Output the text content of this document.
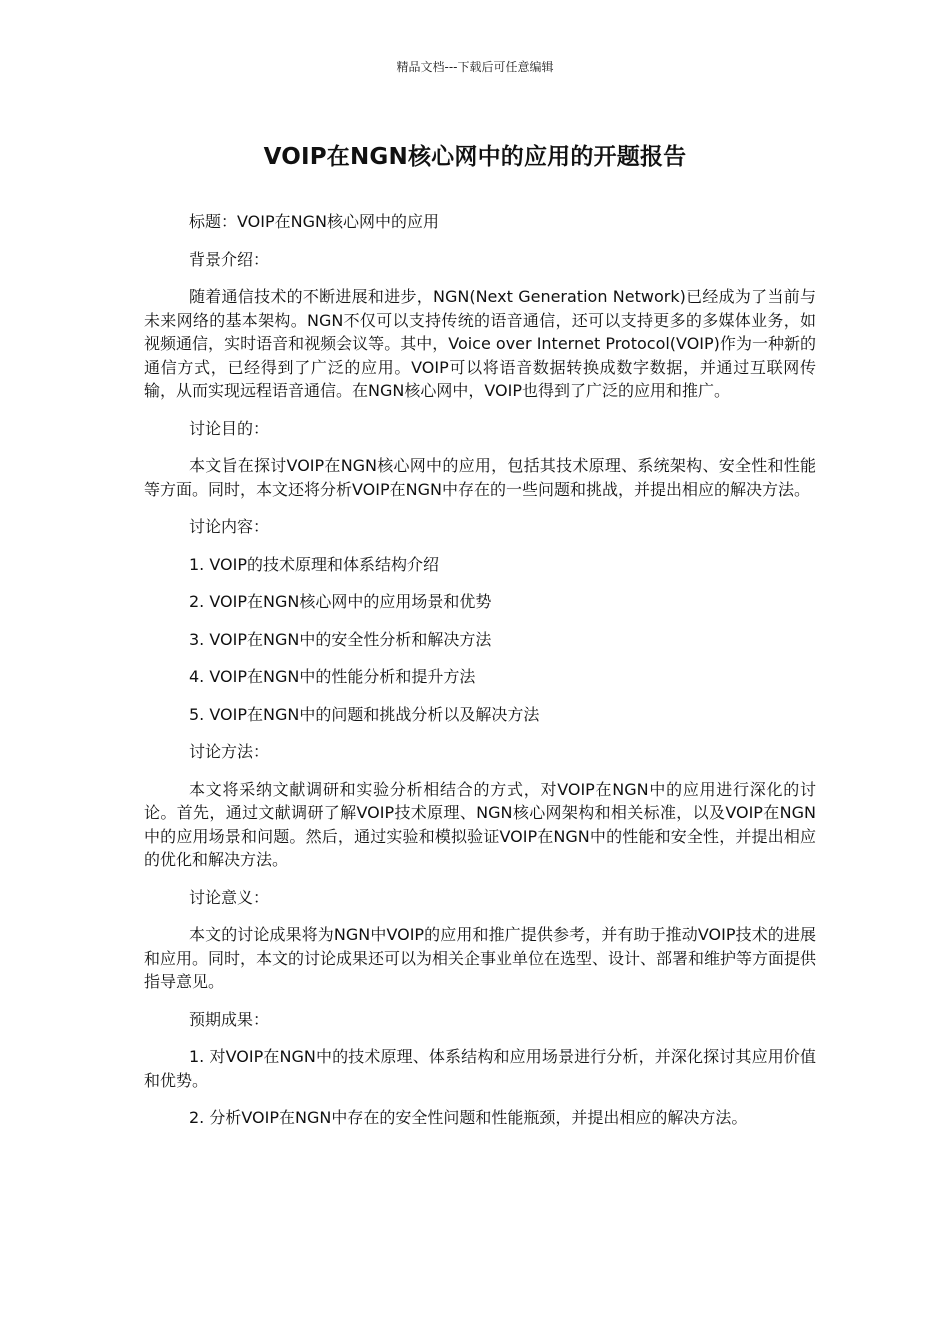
精品文档---下载后可任意编辑
VOIP在NGN核心网中的应用的开题报告

标题：VOIP在NGN核心网中的应用

背景介绍：

随着通信技术的不断进展和进步，NGN(Next Generation Network)已经成为了当前与未来网络的基本架构。NGN不仅可以支持传统的语音通信，还可以支持更多的多媒体业务，如视频通信，实时语音和视频会议等。其中，Voice over Internet Protocol(VOIP)作为一种新的通信方式，已经得到了广泛的应用。VOIP可以将语音数据转换成数字数据，并通过互联网传输，从而实现远程语音通信。在NGN核心网中，VOIP也得到了广泛的应用和推广。

讨论目的：

本文旨在探讨VOIP在NGN核心网中的应用，包括其技术原理、系统架构、安全性和性能等方面。同时，本文还将分析VOIP在NGN中存在的一些问题和挑战，并提出相应的解决方法。

讨论内容：

1. VOIP的技术原理和体系结构介绍

2. VOIP在NGN核心网中的应用场景和优势

3. VOIP在NGN中的安全性分析和解决方法

4. VOIP在NGN中的性能分析和提升方法

5. VOIP在NGN中的问题和挑战分析以及解决方法

讨论方法：

本文将采纳文献调研和实验分析相结合的方式，对VOIP在NGN中的应用进行深化的讨论。首先，通过文献调研了解VOIP技术原理、NGN核心网架构和相关标准，以及VOIP在NGN中的应用场景和问题。然后，通过实验和模拟验证VOIP在NGN中的性能和安全性，并提出相应的优化和解决方法。

讨论意义：

本文的讨论成果将为NGN中VOIP的应用和推广提供参考，并有助于推动VOIP技术的进展和应用。同时，本文的讨论成果还可以为相关企事业单位在选型、设计、部署和维护等方面提供指导意见。

预期成果：

1. 对VOIP在NGN中的技术原理、体系结构和应用场景进行分析，并深化探讨其应用价值和优势。

2. 分析VOIP在NGN中存在的安全性问题和性能瓶颈，并提出相应的解决方法。
